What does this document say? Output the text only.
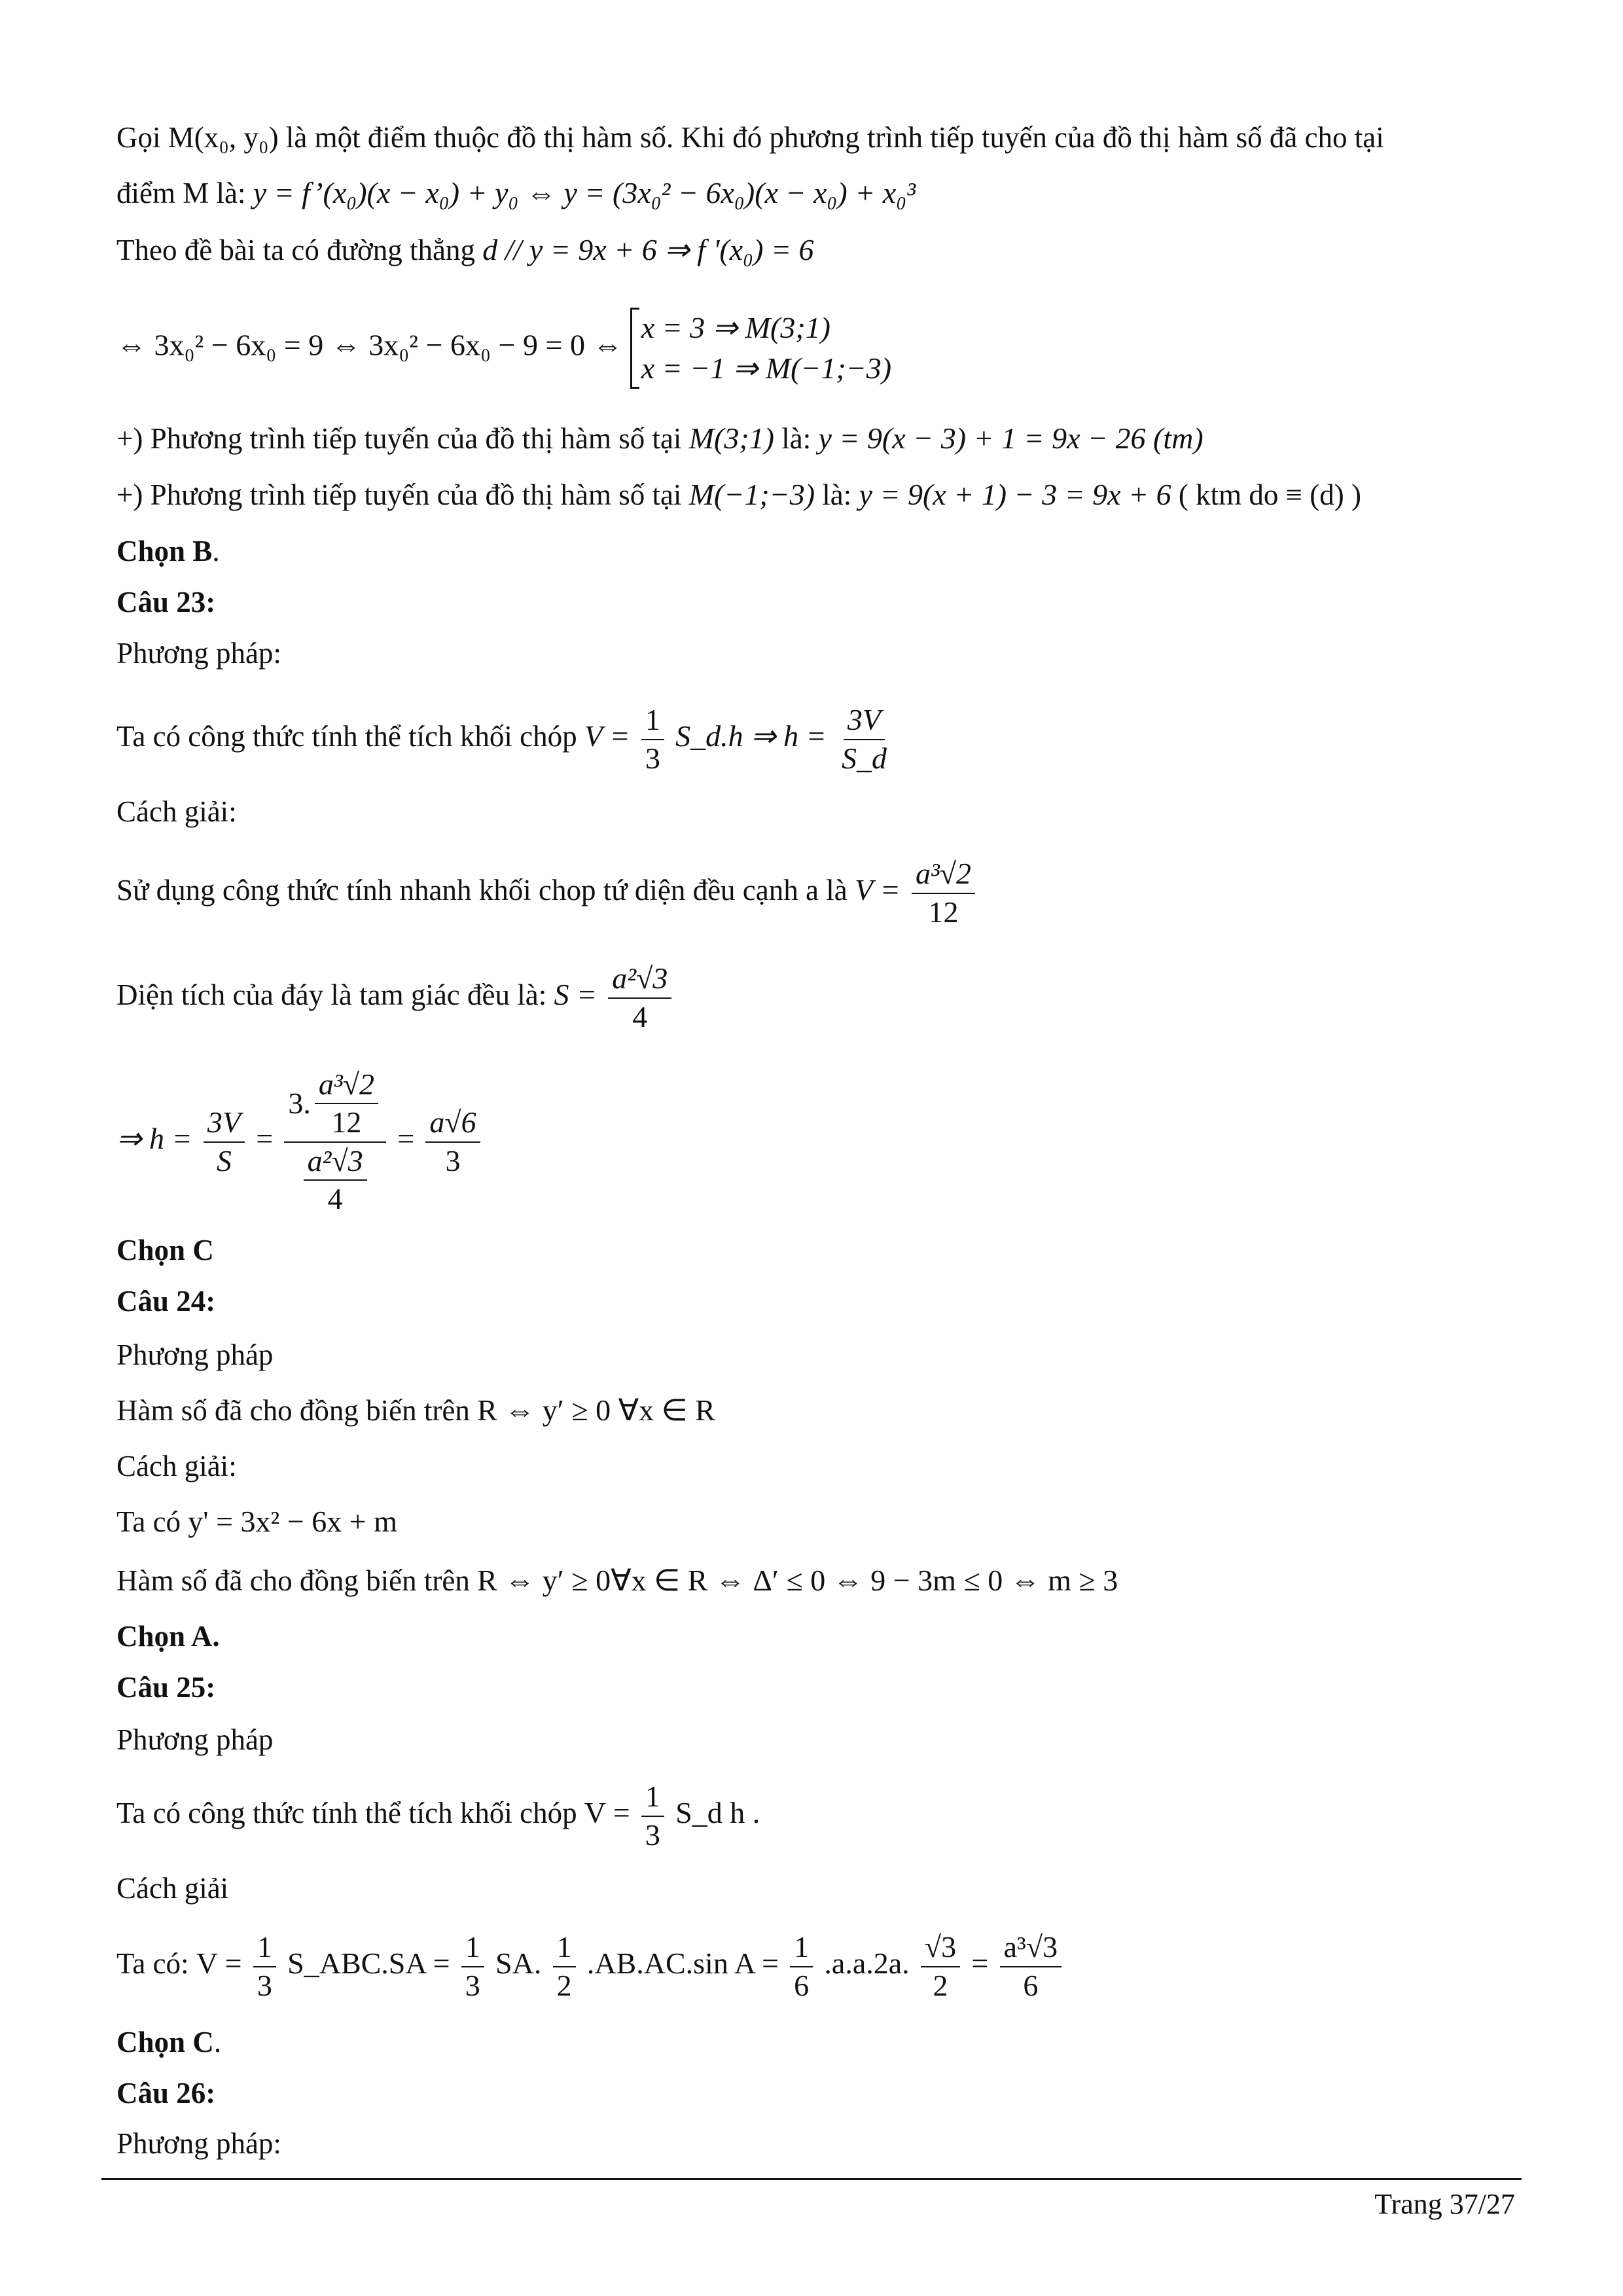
Gọi M(x₀, y₀) là một điểm thuộc đồ thị hàm số. Khi đó phương trình tiếp tuyến của đồ thị hàm số đã cho tại
điểm M là: y = f’(x₀)(x − x₀) + y₀ ⇔ y = (3x₀² − 6x₀)(x − x₀) + x₀³
Theo đề bài ta có đường thẳng d // y = 9x + 6 ⇒ f '(x₀) = 6
⇔ 3x₀² − 6x₀ = 9 ⇔ 3x₀² − 6x₀ − 9 = 0 ⇔
x = 3 ⇒ M(3;1)
x = −1 ⇒ M(−1;−3)
+) Phương trình tiếp tuyến của đồ thị hàm số tại M(3;1) là: y = 9(x − 3) + 1 = 9x − 26 (tm)
+) Phương trình tiếp tuyến của đồ thị hàm số tại M(−1;−3) là: y = 9(x + 1) − 3 = 9x + 6 ( ktm do ≡ (d) )
Chọn B.
Câu 23:
Phương pháp:
Ta có công thức tính thể tích khối chóp $V = \frac{1}{3}$ S_d.h ⇒ $h = \frac{3V}{S\_d}$
Cách giải:
Sử dụng công thức tính nhanh khối chop tứ diện đều cạnh a là $V = \frac{\text{a³√2}}{12}$
Diện tích của đáy là tam giác đều là: $S = \frac{\text{a²√3}}{4}$
⇒ $h = \frac{3V}{S} = \frac{3. \frac{\text{a³√2}}{12}}{\frac{\text{a²√3}}{4}} = \frac{a√6}{3}$
Chọn C
Câu 24:
Phương pháp
Hàm số đã cho đồng biến trên R ⇔ y′ ≥ 0 ∀x ∈ R
Cách giải:
Ta có y' = 3x² − 6x + m
Hàm số đã cho đồng biến trên R ⇔ y′ ≥ 0∀x ∈ R ⇔ Δ′ ≤ 0 ⇔ 9 − 3m ≤ 0 ⇔ m ≥ 3
Chọn A.
Câu 25:
Phương pháp
Ta có công thức tính thể tích khối chóp $V = \frac{1}{3}$ S_d h .
Cách giải
Ta có: $V = \frac{1}{3}$ S_ABC.SA = $\frac{1}{3}$ SA. $\frac{1}{2} .AB.AC.\sin$ $A = \frac{1}{6} .a.a.2a$. $\frac{√3}{2} = \frac{\text{a³√3}}{6}$
Chọn C.
Câu 26:
Phương pháp:
Trang 37/27
